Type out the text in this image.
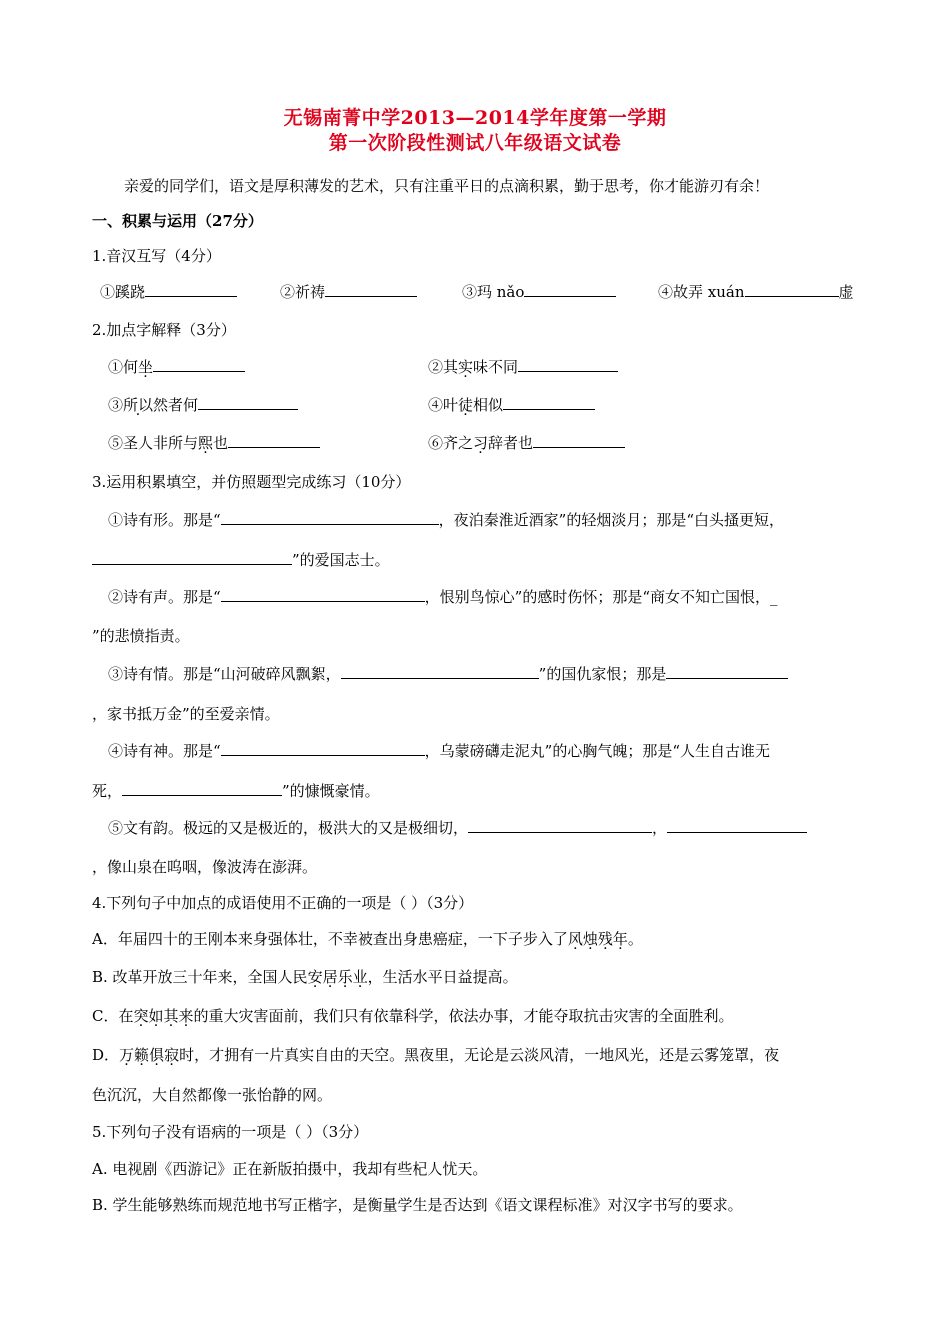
无锡南菁中学2013—2014学年度第一学期
第一次阶段性测试八年级语文试卷
亲爱的同学们，语文是厚积薄发的艺术，只有注重平日的点滴积累，勤于思考，你才能游刃有余！
一、积累与运用（27分）
1.音汉互写（4分）
①蹊跷	②祈祷	③玛 nǎo	④故弄 xuán	虚
2.加点字解释（3分）
①何坐	②其实味不同
③所以然者何	④叶徒相似
⑤圣人非所与熙也	⑥齐之习辞者也
3.运用积累填空，并仿照题型完成练习（10分）
①诗有形。那是“	，夜泊秦淮近酒家”的轻烟淡月；那是“白头搔更短，
”的爱国志士。
②诗有声。那是“	，恨别鸟惊心”的感时伤怀；那是“商女不知亡国恨，_
”的悲愤指责。
③诗有情。那是“山河破碎风飘絮，	”的国仇家恨；那是
，家书抵万金”的至爱亲情。
④诗有神。那是“	，乌蒙磅礴走泥丸”的心胸气魄；那是“人生自古谁无
死，	”的慷慨豪情。
⑤文有韵。极远的又是极近的，极洪大的又是极细切，	，
，像山泉在呜咽，像波涛在澎湃。
4.下列句子中加点的成语使用不正确的一项是（ ）（3分）
A．年届四十的王刚本来身强体壮，不幸被查出身患癌症，一下子步入了风烛残年。
B. 改革开放三十年来，全国人民安居乐业，生活水平日益提高。
C．在突如其来的重大灾害面前，我们只有依靠科学，依法办事，才能夺取抗击灾害的全面胜利。
D．万籁俱寂时，才拥有一片真实自由的天空。黑夜里，无论是云淡风清，一地风光，还是云雾笼罩，夜
色沉沉，大自然都像一张怡静的网。
5.下列句子没有语病的一项是（ ）（3分）
A. 电视剧《西游记》正在新版拍摄中，我却有些杞人忧天。
B. 学生能够熟练而规范地书写正楷字，是衡量学生是否达到《语文课程标准》对汉字书写的要求。
